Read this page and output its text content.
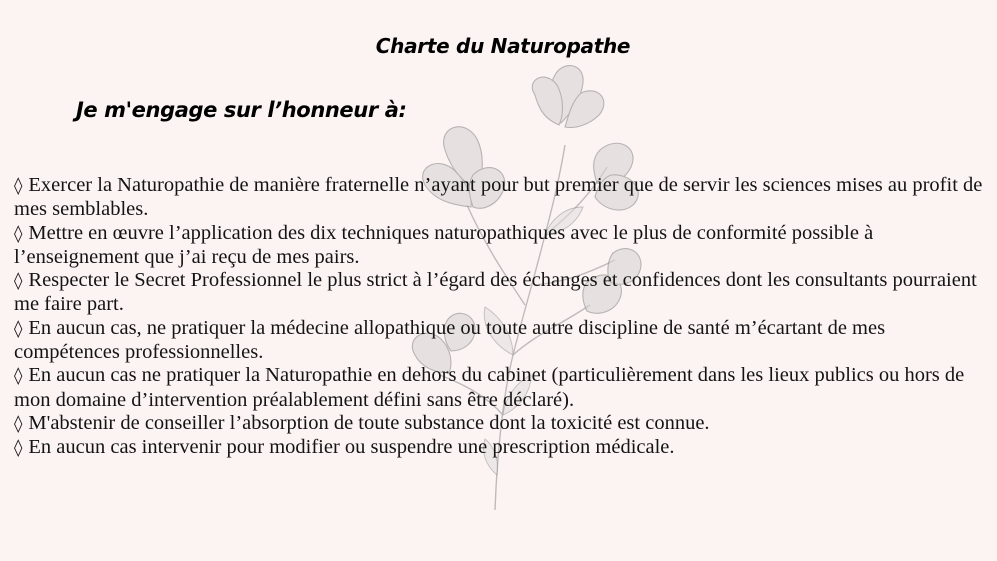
Charte du Naturopathe
Je m'engage sur l’honneur à:
◊ Exercer la Naturopathie de manière fraternelle n’ayant pour but premier que de servir les sciences mises au profit de mes semblables.
◊ Mettre en œuvre l’application des dix techniques naturopathiques avec le plus de conformité possible à l’enseignement que j’ai reçu de mes pairs.
◊ Respecter le Secret Professionnel le plus strict à l’égard des échanges et confidences dont les consultants pourraient me faire part.
◊ En aucun cas, ne pratiquer la médecine allopathique ou toute autre discipline de santé m’écartant de mes compétences professionnelles.
◊ En aucun cas ne pratiquer la Naturopathie en dehors du cabinet (particulièrement dans les lieux publics ou hors de mon domaine d’intervention préalablement défini sans être déclaré).
◊ M'abstenir de conseiller l’absorption de toute substance dont la toxicité est connue.
◊ En aucun cas intervenir pour modifier ou suspendre une prescription médicale.
